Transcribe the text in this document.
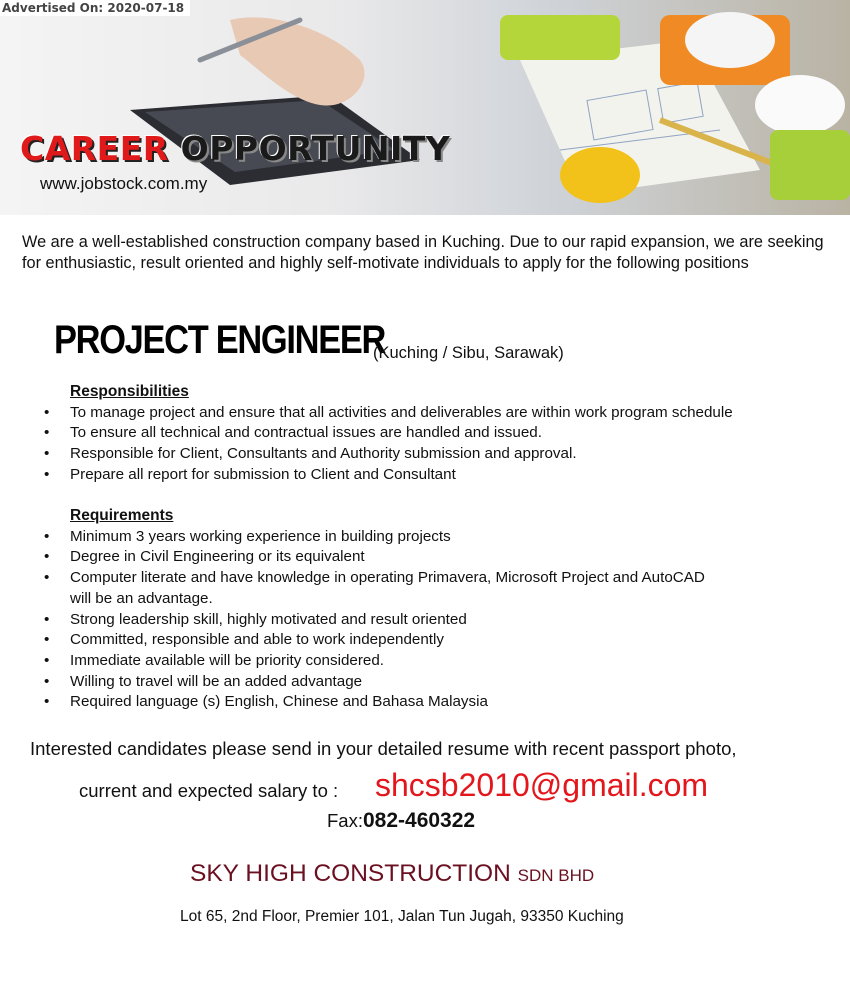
CAREER OPPORTUNITY
www.jobstock.com.my
Advertised On: 2020-07-18
We are a well-established construction company based in Kuching. Due to our rapid expansion, we are seeking for enthusiastic, result oriented and highly self-motivate individuals to apply for the following positions
PROJECT ENGINEER
(Kuching / Sibu, Sarawak)
Responsibilities
• To manage project and ensure that all activities and deliverables are within work program schedule
• To ensure all technical and contractual issues are handled and issued.
• Responsible for Client, Consultants and Authority submission and approval.
• Prepare all report for submission to Client and Consultant
Requirements
• Minimum 3 years working experience in building projects
• Degree in Civil Engineering or its equivalent
• Computer literate and have knowledge in operating Primavera, Microsoft Project and AutoCAD will be an advantage.
• Strong leadership skill, highly motivated and result oriented
• Committed, responsible and able to work independently
• Immediate available will be priority considered.
• Willing to travel will be an added advantage
• Required language (s) English, Chinese and Bahasa Malaysia
Interested candidates please send in your detailed resume with recent passport photo,
current and expected salary to : shcsb2010@gmail.com
Fax:082-460322
SKY HIGH CONSTRUCTION SDN BHD
Lot 65, 2nd Floor, Premier 101, Jalan Tun Jugah, 93350 Kuching
